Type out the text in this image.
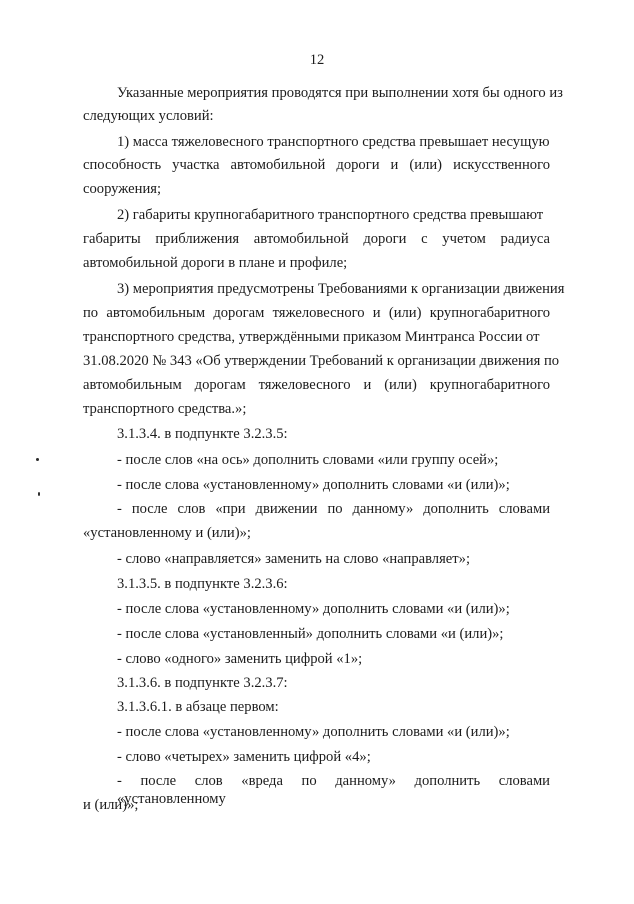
12
Указанные мероприятия проводятся при выполнении хотя бы одного из
следующих условий:
1) масса тяжеловесного транспортного средства превышает несущую
способность участка автомобильной дороги и (или) искусственного
сооружения;
2) габариты крупногабаритного транспортного средства превышают
габариты приближения автомобильной дороги с учетом радиуса
автомобильной дороги в плане и профиле;
3) мероприятия предусмотрены Требованиями к организации движения
по автомобильным дорогам тяжеловесного и (или) крупногабаритного
транспортного средства, утверждёнными приказом Минтранса России от
31.08.2020 № 343 «Об утверждении Требований к организации движения по
автомобильным дорогам тяжеловесного и (или) крупногабаритного
транспортного средства.»;
3.1.3.4. в подпункте 3.2.3.5:
- после слов «на ось» дополнить словами «или группу осей»;
- после слова «установленному» дополнить словами «и (или)»;
- после слов «при движении по данному» дополнить словами
«установленному и (или)»;
- слово «направляется» заменить на слово «направляет»;
3.1.3.5. в подпункте 3.2.3.6:
- после слова «установленному» дополнить словами «и (или)»;
- после слова «установленный» дополнить словами «и (или)»;
- слово «одного» заменить цифрой «1»;
3.1.3.6. в подпункте 3.2.3.7:
3.1.3.6.1. в абзаце первом:
- после слова «установленному» дополнить словами «и (или)»;
- слово «четырех» заменить цифрой «4»;
- после слов «вреда по данному» дополнить словами «установленному
и (или)»;
